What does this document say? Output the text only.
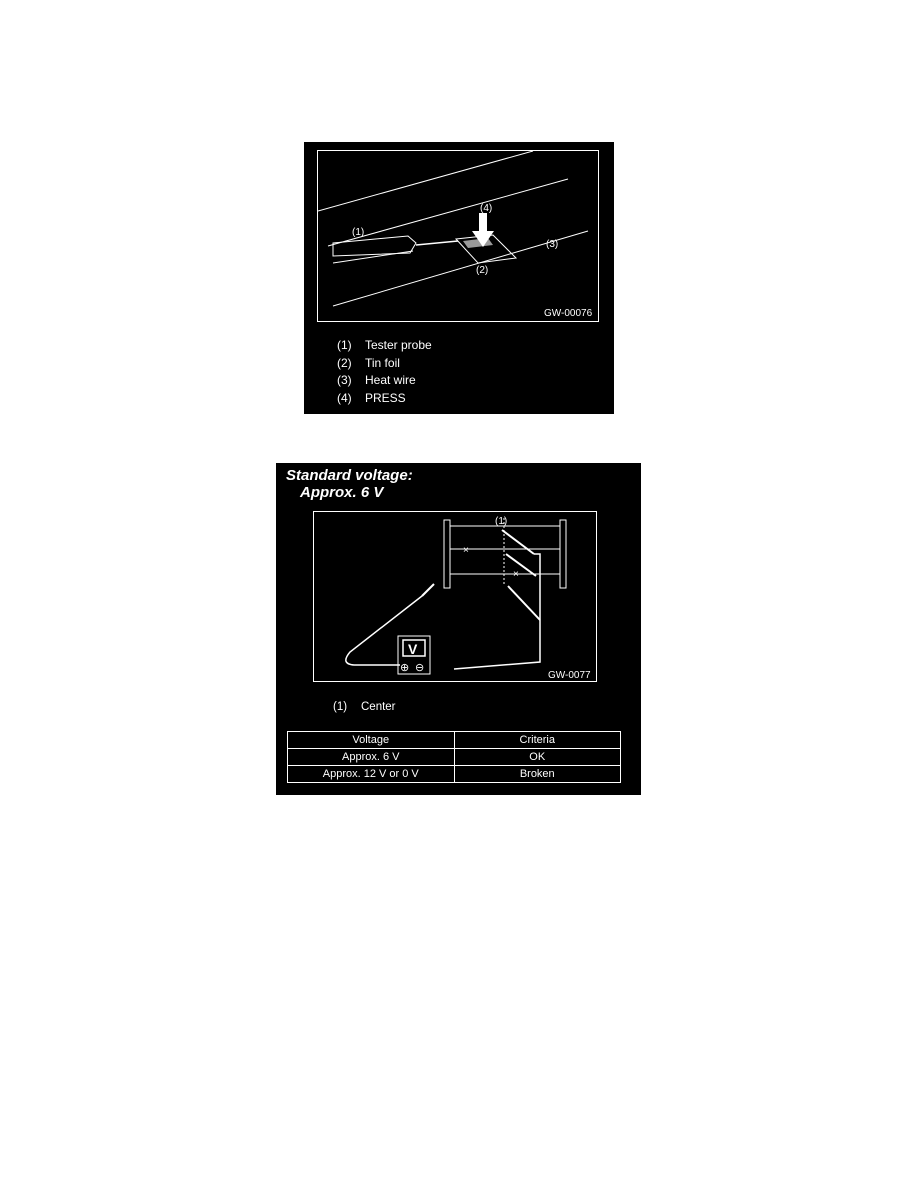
(1)
(2)
(3)
(4)
GW-00076
(1)	Tester probe
(2)	Tin foil
(3)	Heat wire
(4)	PRESS
Standard voltage:
Approx. 6 V
×
×
V
⊕ ⊖
(1)
GW-0077
(1)	Center
Voltage	Criteria
Approx. 6 V	OK
Approx. 12 V or 0 V	Broken
